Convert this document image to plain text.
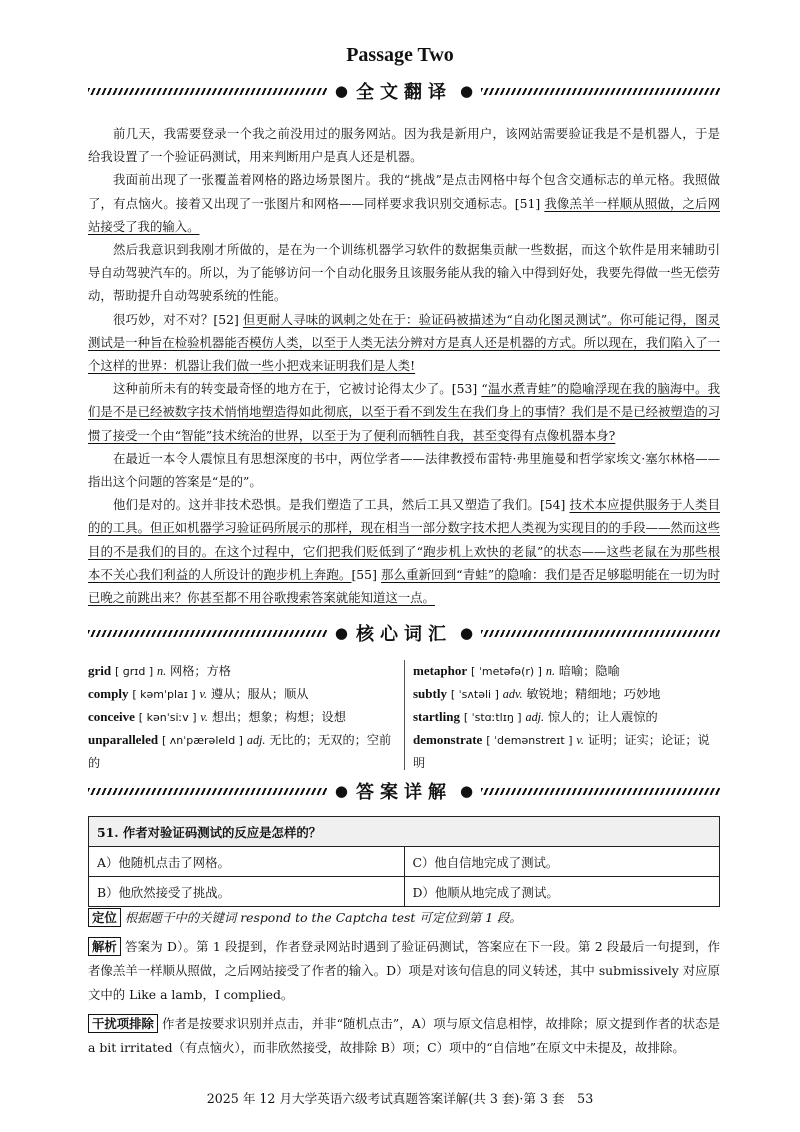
Passage Two
● 全文翻译 ●

前几天，我需要登录一个我之前没用过的服务网站。因为我是新用户，该网站需要验证我是不是机器人，于是给我设置了一个验证码测试，用来判断用户是真人还是机器。

我面前出现了一张覆盖着网格的路边场景图片。我的“挑战”是点击网格中每个包含交通标志的单元格。我照做了，有点恼火。接着又出现了一张图片和网格——同样要求我识别交通标志。[51] 我像羔羊一样顺从照做，之后网站接受了我的输入。

然后我意识到我刚才所做的，是在为一个训练机器学习软件的数据集贡献一些数据，而这个软件是用来辅助引导自动驾驶汽车的。所以，为了能够访问一个自动化服务且该服务能从我的输入中得到好处，我要先得做一些无偿劳动，帮助提升自动驾驶系统的性能。

很巧妙，对不对？[52] 但更耐人寻味的讽刺之处在于：验证码被描述为“自动化图灵测试”。你可能记得，图灵测试是一种旨在检验机器能否模仿人类，以至于人类无法分辨对方是真人还是机器的方式。所以现在，我们陷入了一个这样的世界：机器让我们做一些小把戏来证明我们是人类!

这种前所未有的转变最奇怪的地方在于，它被讨论得太少了。[53] “温水煮青蛙”的隐喻浮现在我的脑海中。我们是不是已经被数字技术悄悄地塑造得如此彻底，以至于看不到发生在我们身上的事情？我们是不是已经被塑造的习惯了接受一个由“智能”技术统治的世界，以至于为了便利而牺牲自我，甚至变得有点像机器本身?

在最近一本令人震惊且有思想深度的书中，两位学者——法律教授布雷特·弗里施曼和哲学家埃文·塞尔林格——指出这个问题的答案是“是的”。

他们是对的。这并非技术恐惧。是我们塑造了工具，然后工具又塑造了我们。[54] 技术本应提供服务于人类目的的工具。但正如机器学习验证码所展示的那样，现在相当一部分数字技术把人类视为实现目的的手段——然而这些目的不是我们的目的。在这个过程中，它们把我们贬低到了“跑步机上欢快的老鼠”的状态——这些老鼠在为那些根本不关心我们利益的人所设计的跑步机上奔跑。[55] 那么重新回到“青蛙”的隐喻：我们是否足够聪明能在一切为时已晚之前跳出来？你甚至都不用谷歌搜索答案就能知道这一点。

● 核心词汇 ●
grid [ ɡrɪd ] n. 网格；方格
comply [ kəmˈplaɪ ] v. 遵从；服从；顺从
conceive [ kənˈsiːv ] v. 想出；想象；构想；设想
unparalleled [ ʌnˈpærəleld ] adj. 无比的；无双的；空前的
metaphor [ ˈmetəfə(r) ] n. 暗喻；隐喻
subtly [ ˈsʌtəli ] adv. 敏锐地；精细地；巧妙地
startling [ ˈstɑːtlɪŋ ] adj. 惊人的；让人震惊的
demonstrate [ ˈdemənstreɪt ] v. 证明；证实；论证；说明
● 答案详解 ●
51. 作者对验证码测试的反应是怎样的？
A）他随机点击了网格。	C）他自信地完成了测试。
B）他欣然接受了挑战。	D）他顺从地完成了测试。

定位 根据题干中的关键词 respond to the Captcha test 可定位到第 1 段。

解析 答案为 D）。第 1 段提到，作者登录网站时遇到了验证码测试，答案应在下一段。第 2 段最后一句提到，作者像羔羊一样顺从照做，之后网站接受了作者的输入。D）项是对该句信息的同义转述，其中 submissively 对应原文中的 Like a lamb，I complied。

干扰项排除 作者是按要求识别并点击，并非“随机点击”，A）项与原文信息相悖，故排除；原文提到作者的状态是 a bit irritated（有点恼火），而非欣然接受，故排除 B）项；C）项中的“自信地”在原文中未提及，故排除。

2025 年 12 月大学英语六级考试真题答案详解(共 3 套)·第 3 套　53
